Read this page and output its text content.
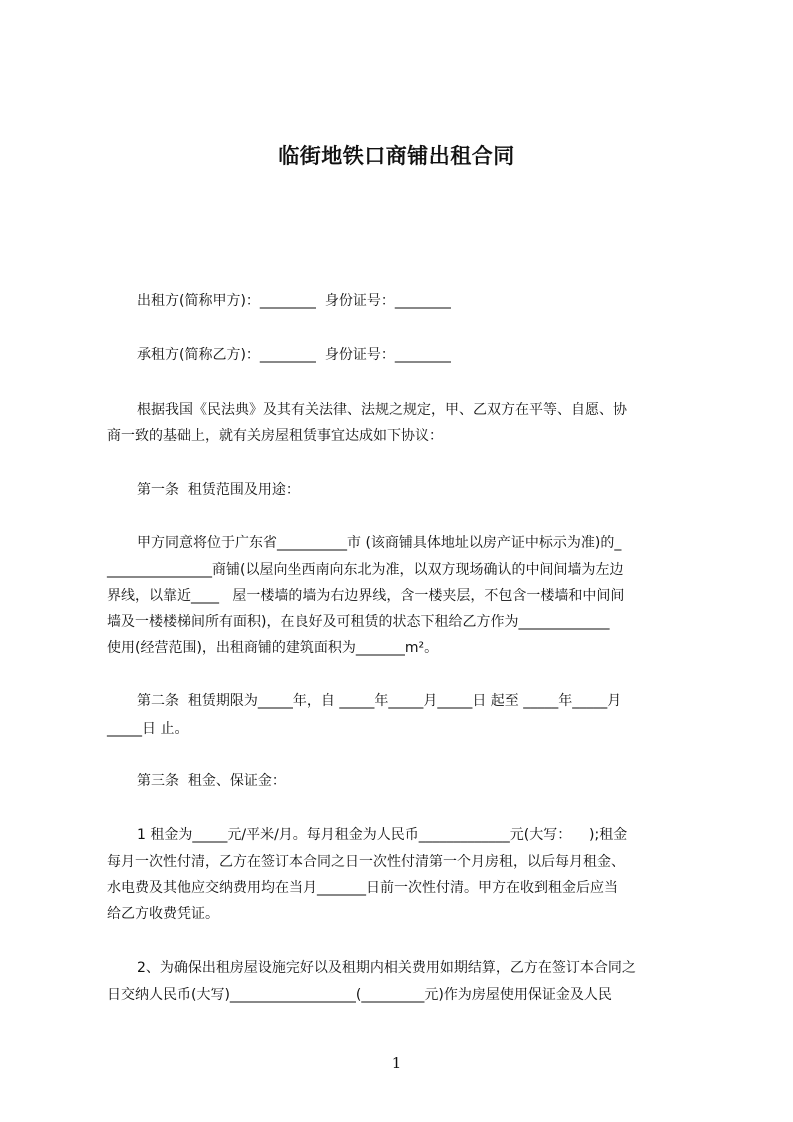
临街地铁口商铺出租合同
出租方(简称甲方)：________  身份证号：________
承租方(简称乙方)：________  身份证号：________
根据我国《民法典》及其有关法律、法规之规定，甲、乙双方在平等、自愿、协
商一致的基础上，就有关房屋租赁事宜达成如下协议：
第一条  租赁范围及用途：
甲方同意将位于广东省__________市 (该商铺具体地址以房产证中标示为准)的_
_______________商铺(以屋向坐西南向东北为准，以双方现场确认的中间间墙为左边
界线，以靠近____   屋一楼墙的墙为右边界线，含一楼夹层，不包含一楼墙和中间间
墙及一楼楼梯间所有面积)，在良好及可租赁的状态下租给乙方作为_____________
使用(经营范围)，出租商铺的建筑面积为_______m²。
第二条  租赁期限为_____年，自 _____年_____月_____日 起至 _____年_____月
_____日 止。
第三条  租金、保证金：
1 租金为_____元/平米/月。每月租金为人民币_____________元(大写：    );租金
每月一次性付清，乙方在签订本合同之日一次性付清第一个月房租，以后每月租金、
水电费及其他应交纳费用均在当月_______日前一次性付清。甲方在收到租金后应当
给乙方收费凭证。
2、为确保出租房屋设施完好以及租期内相关费用如期结算，乙方在签订本合同之
日交纳人民币(大写)__________________(_________元)作为房屋使用保证金及人民
1
